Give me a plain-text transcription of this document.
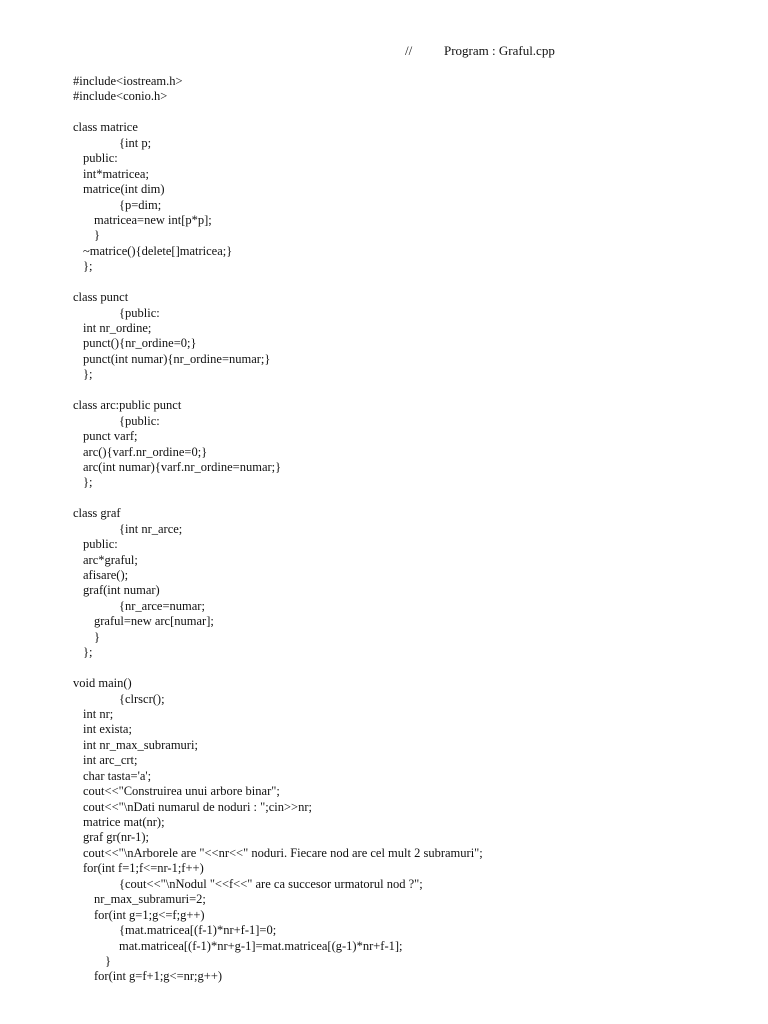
// Program : Graful.cpp
#include<iostream.h>
#include<conio.h>
class matrice
{int p;
public:
int*matricea;
matrice(int dim)
{p=dim;
matricea=new int[p*p];
}
~matrice(){delete[]matricea;}
};
class punct
{public:
int nr_ordine;
punct(){nr_ordine=0;}
punct(int numar){nr_ordine=numar;}
};
class arc:public punct
{public:
punct varf;
arc(){varf.nr_ordine=0;}
arc(int numar){varf.nr_ordine=numar;}
};
class graf
{int nr_arce;
public:
arc*graful;
afisare();
graf(int numar)
{nr_arce=numar;
graful=new arc[numar];
}
};
void main()
{clrscr();
int nr;
int exista;
int nr_max_subramuri;
int arc_crt;
char tasta='a';
cout<<"Construirea unui arbore binar";
cout<<"\nDati numarul de noduri : ";cin>>nr;
matrice mat(nr);
graf gr(nr-1);
cout<<"\nArborele are "<<nr<<" noduri. Fiecare nod are cel mult 2 subramuri";
for(int f=1;f<=nr-1;f++)
{cout<<"\nNodul "<<f<<" are ca succesor urmatorul nod ?";
nr_max_subramuri=2;
for(int g=1;g<=f;g++)
{mat.matricea[(f-1)*nr+f-1]=0;
mat.matricea[(f-1)*nr+g-1]=mat.matricea[(g-1)*nr+f-1];
}
for(int g=f+1;g<=nr;g++)
